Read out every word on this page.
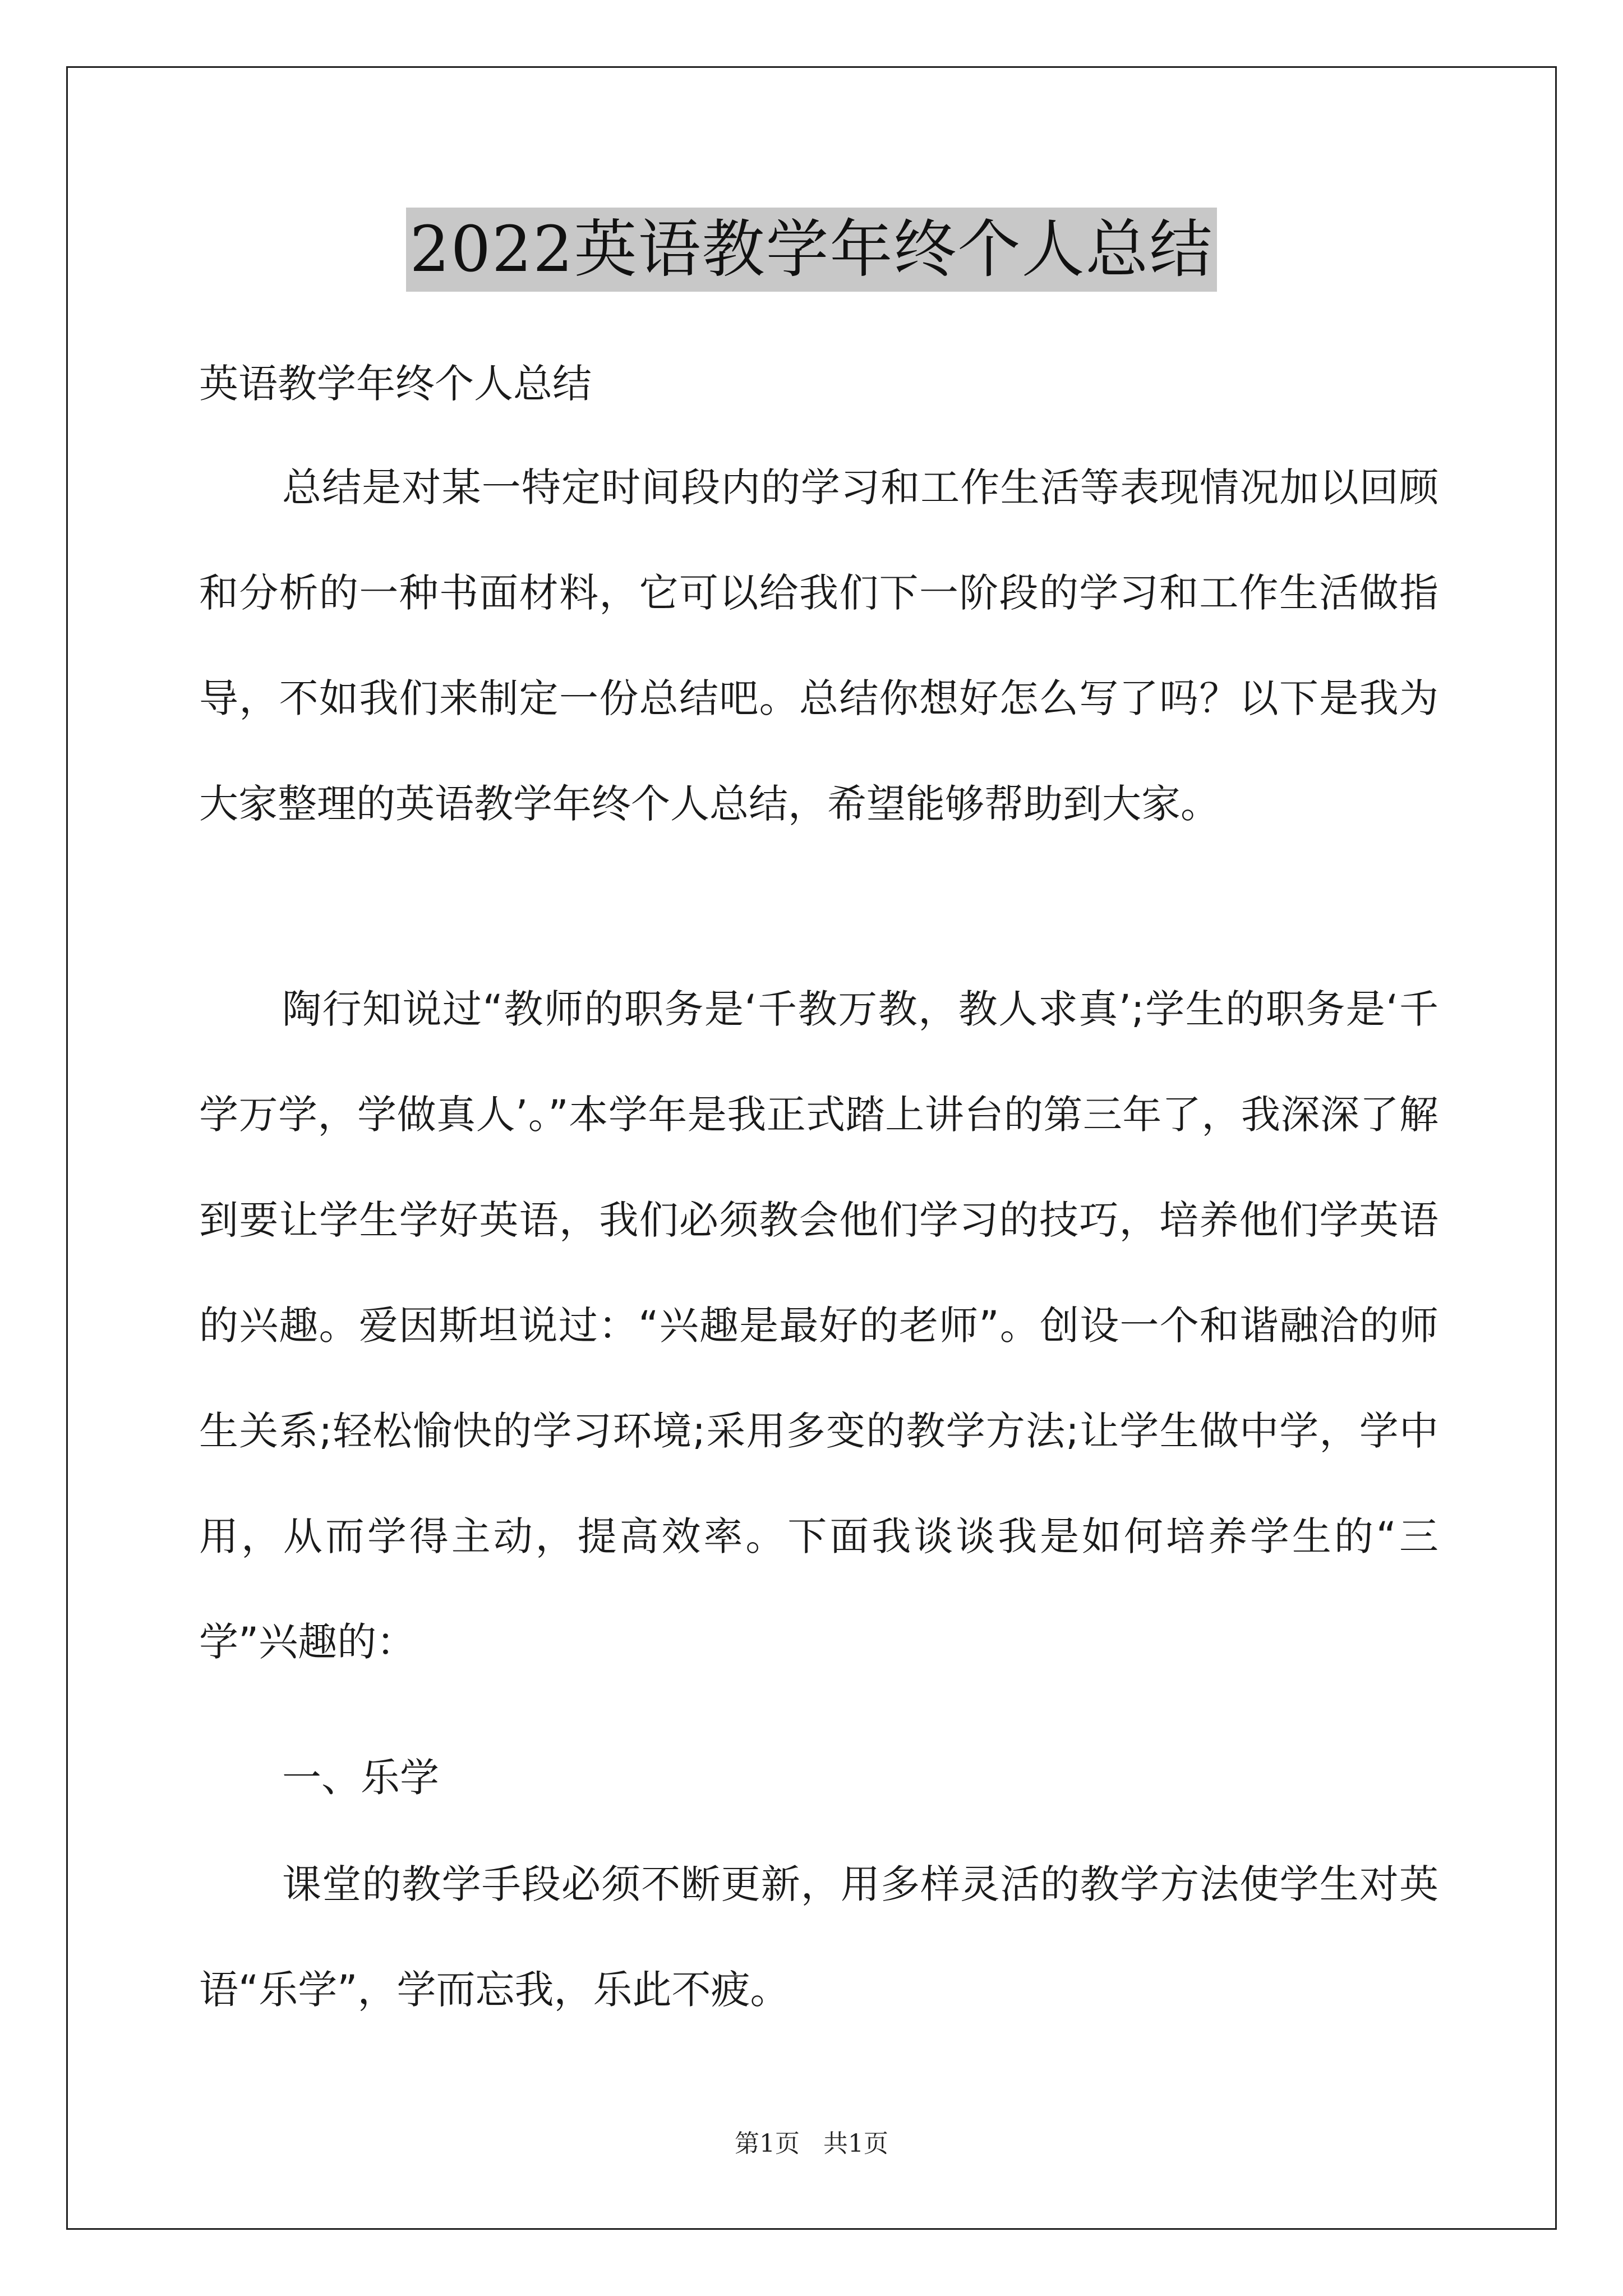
2022英语教学年终个人总结

英语教学年终个人总结

总结是对某一特定时间段内的学习和工作生活等表现情况加以回顾和分析的一种书面材料，它可以给我们下一阶段的学习和工作生活做指导，不如我们来制定一份总结吧。总结你想好怎么写了吗？以下是我为大家整理的英语教学年终个人总结，希望能够帮助到大家。

陶行知说过“教师的职务是‘千教万教，教人求真’;学生的职务是‘千学万学，学做真人’。”本学年是我正式踏上讲台的第三年了，我深深了解到要让学生学好英语，我们必须教会他们学习的技巧，培养他们学英语的兴趣。爱因斯坦说过：“兴趣是最好的老师”。创设一个和谐融洽的师生关系;轻松愉快的学习环境;采用多变的教学方法;让学生做中学，学中用，从而学得主动，提高效率。下面我谈谈我是如何培养学生的“三学”兴趣的：

一、乐学

课堂的教学手段必须不断更新，用多样灵活的教学方法使学生对英语“乐学”，学而忘我，乐此不疲。

第1页   共1页
